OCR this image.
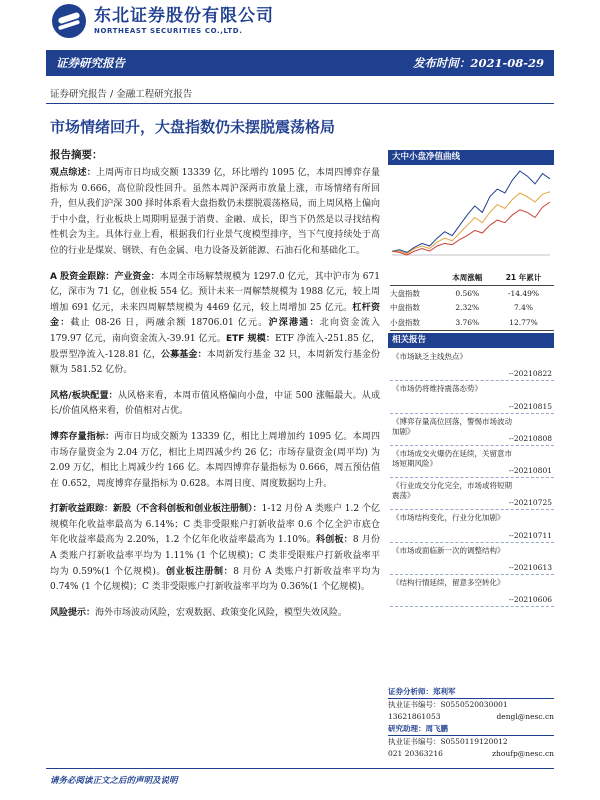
东北证券股份有限公司
NORTHEAST SECURITIES CO.,LTD.
证券研究报告	发布时间：2021-08-29
证券研究报告 / 金融工程研究报告
市场情绪回升，大盘指数仍未摆脱震荡格局
报告摘要：

观点综述：上周两市日均成交额 13339 亿，环比增约 1095 亿，本周四博弈存量指标为 0.666，高位阶段性回升。虽然本周沪深两市放量上涨，市场情绪有所回升，但从我们沪深 300 择时体系看大盘指数仍未摆脱震荡格局，而上周风格上偏向于中小盘，行业板块上周期明显强于消费、金融、成长，即当下仍然是以寻找结构性机会为主。具体行业上看，根据我们行业景气度模型排序，当下气度持续处于高位的行业是煤炭、钢铁、有色金属、电力设备及新能源、石油石化和基础化工。

A 股资金跟踪：产业资金：本周全市场解禁规模为 1297.0 亿元，其中沪市为 671 亿，深市为 71 亿，创业板 554 亿。预计未来一周解禁规模为 1988 亿元，较上周增加 691 亿元，未来四周解禁规模为 4469 亿元，较上周增加 25 亿元。杠杆资金：截止 08-26 日，两融余额 18706.01 亿元。沪深港通：北向资金流入 179.97 亿元，南向资金流入-39.91 亿元。ETF 规模：ETF 净流入-251.85 亿，股票型净流入-128.81 亿，公募基金：本周新发行基金 32 只，本周新发行基金份额为 581.52 亿份。

风格/板块配置：从风格来看，本周市值风格偏向小盘，中证 500 涨幅最大。从成长/价值风格来看，价值相对占优。

博弈存量指标：两市日均成交额为 13339 亿，相比上周增加约 1095 亿。本周四市场存量资金为 2.04 万亿，相比上周四减少约 26 亿；市场存量资金(周平均) 为 2.09 万亿，相比上周减少约 166 亿。本周四博弈存量指标为 0.666，周五预估值在 0.652，周度博弈存量指标为 0.628。本周日度、周度数据均上升。

打新收益跟踪：新股（不含科创板和创业板注册制）：1-12 月份 A 类账户 1.2 个亿规模年化收益率最高为 6.14%；C 类非受限账户打新收益率 0.6 个亿全沪市底仓年化收益率最高为 2.20%，1.2 个亿年化收益率最高为 1.10%。科创板：8 月份 A 类账户打新收益率平均为 1.11% (1 个亿规模)；C 类非受限账户打新收益率平均为 0.59%(1 个亿规模)。创业板注册制：8 月份 A 类账户打新收益率平均为 0.74% (1 个亿规模)；C 类非受限账户打新收益率平均为 0.36%(1 个亿规模)。

风险提示：海外市场波动风险，宏观数据、政策变化风险，模型失效风险。

大中小盘净值曲线
	本周涨幅	21 年累计
大盘指数	0.56%	-14.49%
中盘指数	2.32%	7.4%
小盘指数	3.76%	12.77%
相关报告
《市场缺乏主线热点》
--20210822
《市场仍将维持震荡态势》
--20210815
《博弈存量高位回落，警惕市场波动加剧》
--20210808
《市场成交火爆仍在延续，关留意市场短期风险》
--20210801
《行业成交分化完全，市场或将短期震荡》
--20210725
《市场结构变化，行业分化加剧》
--20210711
《市场或面临新一次的调整结构》
--20210613
《结构行情延续，留意多空转化》
--20210606
证券分析师：郑利军
执业证书编号：S0550520030001
13621861053	dengl@nesc.cn
研究助理：周飞鹏
执业证书编号：S0550119120012
021 20363216	zhoufp@nesc.cn
请务必阅读正文之后的声明及说明
